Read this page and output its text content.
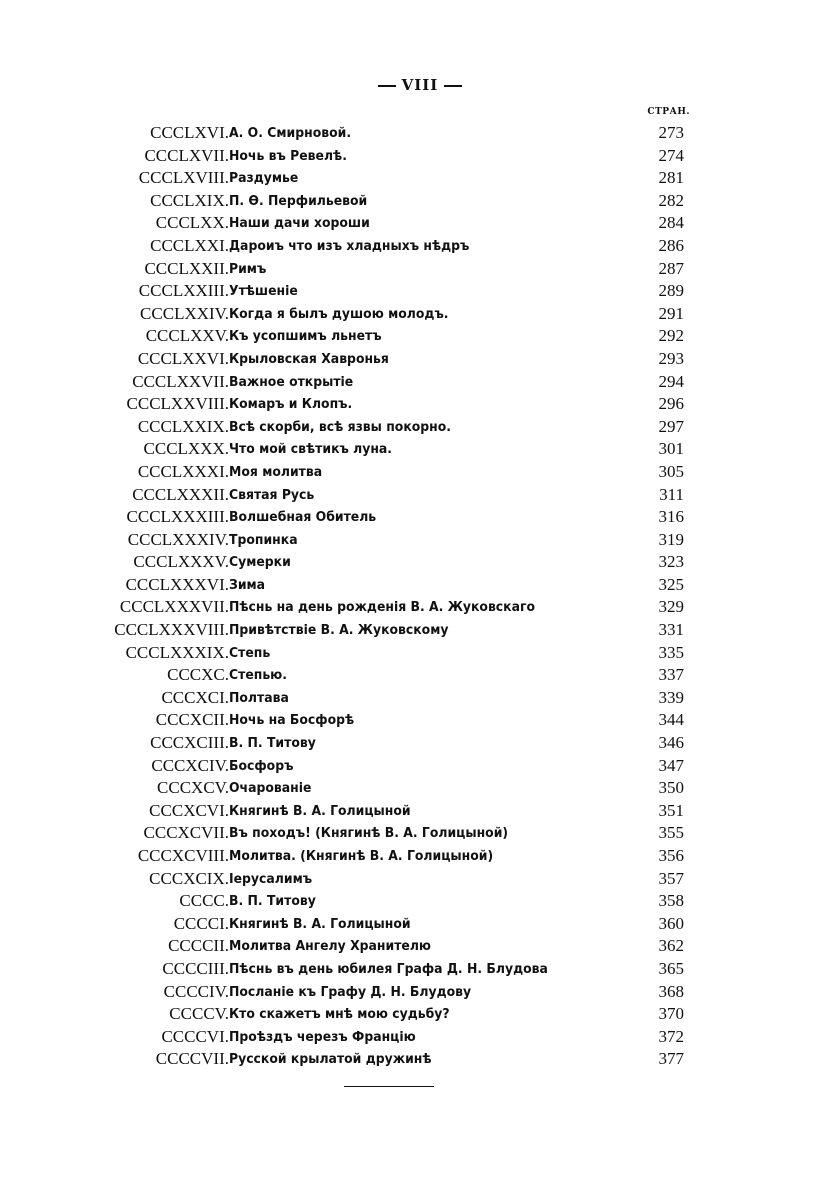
VIII
СТРАН.
CCCLXVI. А. О. Смирновой.	273
CCCLXVII. Ночь въ Ревелѣ.	274
CCCLXVIII. Раздумье	281
CCCLXIX. П. Ѳ. Перфильевой	282
CCCLXX. Наши дачи хороши	284
CCCLXXI. Дароиъ что изъ хладныхъ нѣдръ	286
CCCLXXII. Римъ	287
CCCLXXIII. Утѣшеніе	289
CCCLXXIV. Когда я былъ душою молодъ.	291
CCCLXXV. Къ усопшимъ льнетъ	292
CCCLXXVI. Крыловская Хавронья	293
CCCLXXVII. Важное открытіе	294
CCCLXXVIII. Комаръ и Клопъ.	296
CCCLXXIX. Всѣ скорби, всѣ язвы покорно.	297
CCCLXXX. Что мой свѣтикъ луна.	301
CCCLXXXI. Моя молитва	305
CCCLXXXII. Святая Русь	311
CCCLXXXIII. Волшебная Обитель	316
CCCLXXXIV. Тропинка	319
CCCLXXXV. Сумерки	323
CCCLXXXVI. Зима	325
CCCLXXXVII. Пѣснь на день рожденія В. А. Жуковскаго	329
CCCLXXXVIII. Привѣтствіе В. А. Жуковскому	331
CCCLXXXIX. Степь	335
CCCXC. Степью.	337
CCCXCI. Полтава	339
CCCXCII. Ночь на Босфорѣ	344
CCCXCIII. В. П. Титову	346
CCCXCIV. Босфоръ	347
CCCXCV. Очарованіе	350
CCCXCVI. Княгинѣ В. А. Голицыной	351
CCCXCVII. Въ походъ! (Княгинѣ В. А. Голицыной)	355
CCCXCVIII. Молитва. (Княгинѣ В. А. Голицыной)	356
CCCXCIX. Іерусалимъ	357
CCCC. В. П. Титову	358
CCCCI. Княгинѣ В. А. Голицыной	360
CCCCII. Молитва Ангелу Хранителю	362
CCCCIII. Пѣснь въ день юбилея Графа Д. Н. Блудова	365
CCCCIV. Посланіе къ Графу Д. Н. Блудову	368
CCCCV. Кто скажетъ мнѣ мою судьбу?	370
CCCCVI. Проѣздъ черезъ Францію	372
CCCCVII. Русской крылатой дружинѣ	377
